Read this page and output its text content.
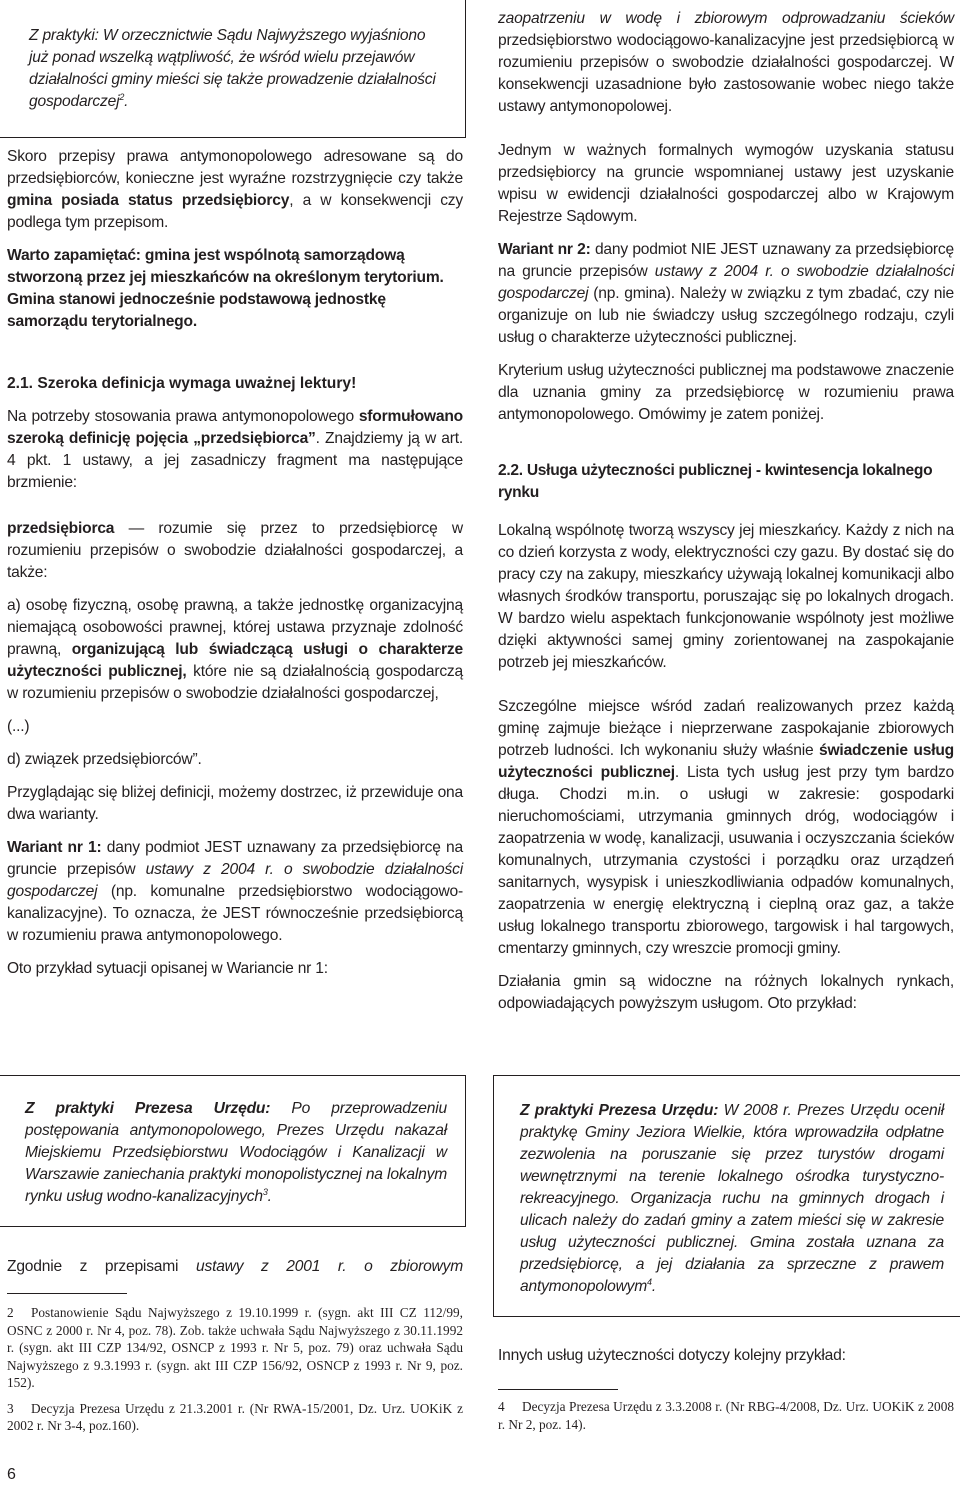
Z praktyki: W orzecznictwie Sądu Najwyższego wyjaśniono już ponad wszelką wątpliwość, że wśród wielu przejawów działalności gminy mieści się także prowadzenie działalności gospodarczej$^2$.

Skoro przepisy prawa antymonopolowego adresowane są do przedsiębiorców, konieczne jest wyraźne rozstrzygnięcie czy także gmina posiada status przedsiębiorcy, a w konsekwencji czy podlega tym przepisom.

Warto zapamiętać: gmina jest wspólnotą samorządową stworzoną przez jej mieszkańców na określonym terytorium. Gmina stanowi jednocześnie podstawową jednostkę samorządu terytorialnego.

2.1. Szeroka definicja wymaga uważnej lektury!

Na potrzeby stosowania prawa antymonopolowego sformułowano szeroką definicję pojęcia „przedsiębiorca”. Znajdziemy ją w art. 4 pkt. 1 ustawy, a jej zasadniczy fragment ma następujące brzmienie:

przedsiębiorca — rozumie się przez to przedsiębiorcę w rozumieniu przepisów o swobodzie działalności gospodarczej, a także:

a) osobę fizyczną, osobę prawną, a także jednostkę organizacyjną niemającą osobowości prawnej, której ustawa przyznaje zdolność prawną, organizującą lub świadczącą usługi o charakterze użyteczności publicznej, które nie są działalnością gospodarczą w rozumieniu przepisów o swobodzie działalności gospodarczej,

(...)

d) związek przedsiębiorców”.

Przyglądając się bliżej definicji, możemy dostrzec, iż przewiduje ona dwa warianty.

Wariant nr 1: dany podmiot JEST uznawany za przedsiębiorcę na gruncie przepisów ustawy z 2004 r. o swobodzie działalności gospodarczej (np. komunalne przedsiębiorstwo wodociągowo-kanalizacyjne). To oznacza, że JEST równocześnie przedsiębiorcą w rozumieniu prawa antymonopolowego.

Oto przykład sytuacji opisanej w Wariancie nr 1:

Z praktyki Prezesa Urzędu: Po przeprowadzeniu postępowania antymonopolowego, Prezes Urzędu nakazał Miejskiemu Przedsiębiorstwu Wodociągów i Kanalizacji w Warszawie zaniechania praktyki monopolistycznej na lokalnym rynku usług wodno-kanalizacyjnych$^3$.

Zgodnie z przepisami ustawy z 2001 r. o zbiorowym

2 Postanowienie Sądu Najwyższego z 19.10.1999 r. (sygn. akt III CZ 112/99, OSNC z 2000 r. Nr 4, poz. 78). Zob. także uchwała Sądu Najwyższego z 30.11.1992 r. (sygn. akt III CZP 134/92, OSNCP z 1993 r. Nr 5, poz. 79) oraz uchwała Sądu Najwyższego z 9.3.1993 r. (sygn. akt III CZP 156/92, OSNCP z 1993 r. Nr 9, poz. 152).

3 Decyzja Prezesa Urzędu z 21.3.2001 r. (Nr RWA-15/2001, Dz. Urz. UOKiK z 2002 r. Nr 3-4, poz.160).

6

zaopatrzeniu w wodę i zbiorowym odprowadzaniu ścieków przedsiębiorstwo wodociągowo-kanalizacyjne jest przedsiębiorcą w rozumieniu przepisów o swobodzie działalności gospodarczej. W konsekwencji uzasadnione było zastosowanie wobec niego także ustawy antymonopolowej.

Jednym w ważnych formalnych wymogów uzyskania statusu przedsiębiorcy na gruncie wspomnianej ustawy jest uzyskanie wpisu w ewidencji działalności gospodarczej albo w Krajowym Rejestrze Sądowym.

Wariant nr 2: dany podmiot NIE JEST uznawany za przedsiębiorcę na gruncie przepisów ustawy z 2004 r. o swobodzie działalności gospodarczej (np. gmina). Należy w związku z tym zbadać, czy nie organizuje on lub nie świadczy usług szczególnego rodzaju, czyli usług o charakterze użyteczności publicznej.

Kryterium usług użyteczności publicznej ma podstawowe znaczenie dla uznania gminy za przedsiębiorcę w rozumieniu prawa antymonopolowego. Omówimy je zatem poniżej.

2.2. Usługa użyteczności publicznej - kwintesencja lokalnego rynku

Lokalną wspólnotę tworzą wszyscy jej mieszkańcy. Każdy z nich na co dzień korzysta z wody, elektryczności czy gazu. By dostać się do pracy czy na zakupy, mieszkańcy używają lokalnej komunikacji albo własnych środków transportu, poruszając się po lokalnych drogach. W bardzo wielu aspektach funkcjonowanie wspólnoty jest możliwe dzięki aktywności samej gminy zorientowanej na zaspokajanie potrzeb jej mieszkańców.

Szczególne miejsce wśród zadań realizowanych przez każdą gminę zajmuje bieżące i nieprzerwane zaspokajanie zbiorowych potrzeb ludności. Ich wykonaniu służy właśnie świadczenie usług użyteczności publicznej. Lista tych usług jest przy tym bardzo długa. Chodzi m.in. o usługi w zakresie: gospodarki nieruchomościami, utrzymania gminnych dróg, wodociągów i zaopatrzenia w wodę, kanalizacji, usuwania i oczyszczania ścieków komunalnych, utrzymania czystości i porządku oraz urządzeń sanitarnych, wysypisk i unieszkodliwiania odpadów komunalnych, zaopatrzenia w energię elektryczną i cieplną oraz gaz, a także usług lokalnego transportu zbiorowego, targowisk i hal targowych, cmentarzy gminnych, czy wreszcie promocji gminy.

Działania gmin są widoczne na różnych lokalnych rynkach, odpowiadających powyższym usługom. Oto przykład:

Z praktyki Prezesa Urzędu: W 2008 r. Prezes Urzędu ocenił praktykę Gminy Jeziora Wielkie, która wprowadziła odpłatne zezwolenia na poruszanie się przez turystów drogami wewnętrznymi na terenie lokalnego ośrodka turystyczno-rekreacyjnego. Organizacja ruchu na gminnych drogach i ulicach należy do zadań gminy a zatem mieści się w zakresie usług użyteczności publicznej. Gmina została uznana za przedsiębiorcę, a jej działania za sprzeczne z prawem antymonopolowym$^4$.

Innych usług użyteczności dotyczy kolejny przykład:

4 Decyzja Prezesa Urzędu z 3.3.2008 r. (Nr RBG-4/2008, Dz. Urz. UOKiK z 2008 r. Nr 2, poz. 14).
